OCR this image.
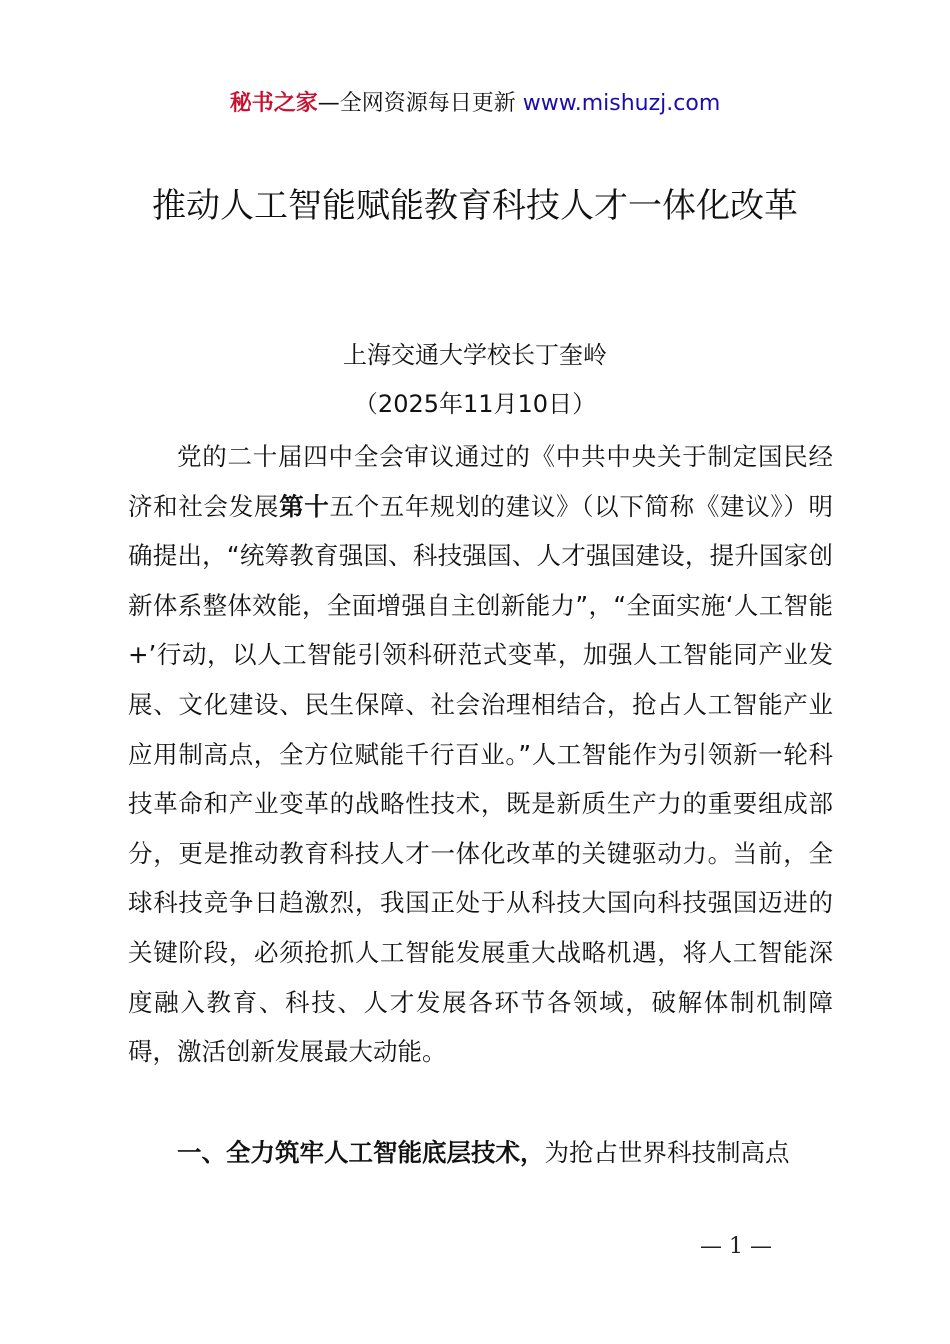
秘书之家—全网资源每日更新 www.mishuzj.com
推动人工智能赋能教育科技人才一体化改革
上海交通大学校长丁奎岭
（2025年11月10日）

党的二十届四中全会审议通过的《中共中央关于制定国民经济和社会发展第十五个五年规划的建议》（以下简称《建议》）明确提出，“统筹教育强国、科技强国、人才强国建设，提升国家创新体系整体效能，全面增强自主创新能力”，“全面实施‘人工智能+’行动，以人工智能引领科研范式变革，加强人工智能同产业发展、文化建设、民生保障、社会治理相结合，抢占人工智能产业应用制高点，全方位赋能千行百业。”人工智能作为引领新一轮科技革命和产业变革的战略性技术，既是新质生产力的重要组成部分，更是推动教育科技人才一体化改革的关键驱动力。当前，全球科技竞争日趋激烈，我国正处于从科技大国向科技强国迈进的关键阶段，必须抢抓人工智能发展重大战略机遇，将人工智能深度融入教育、科技、人才发展各环节各领域，破解体制机制障碍，激活创新发展最大动能。

一、全力筑牢人工智能底层技术，为抢占世界科技制高点

— 1 —
